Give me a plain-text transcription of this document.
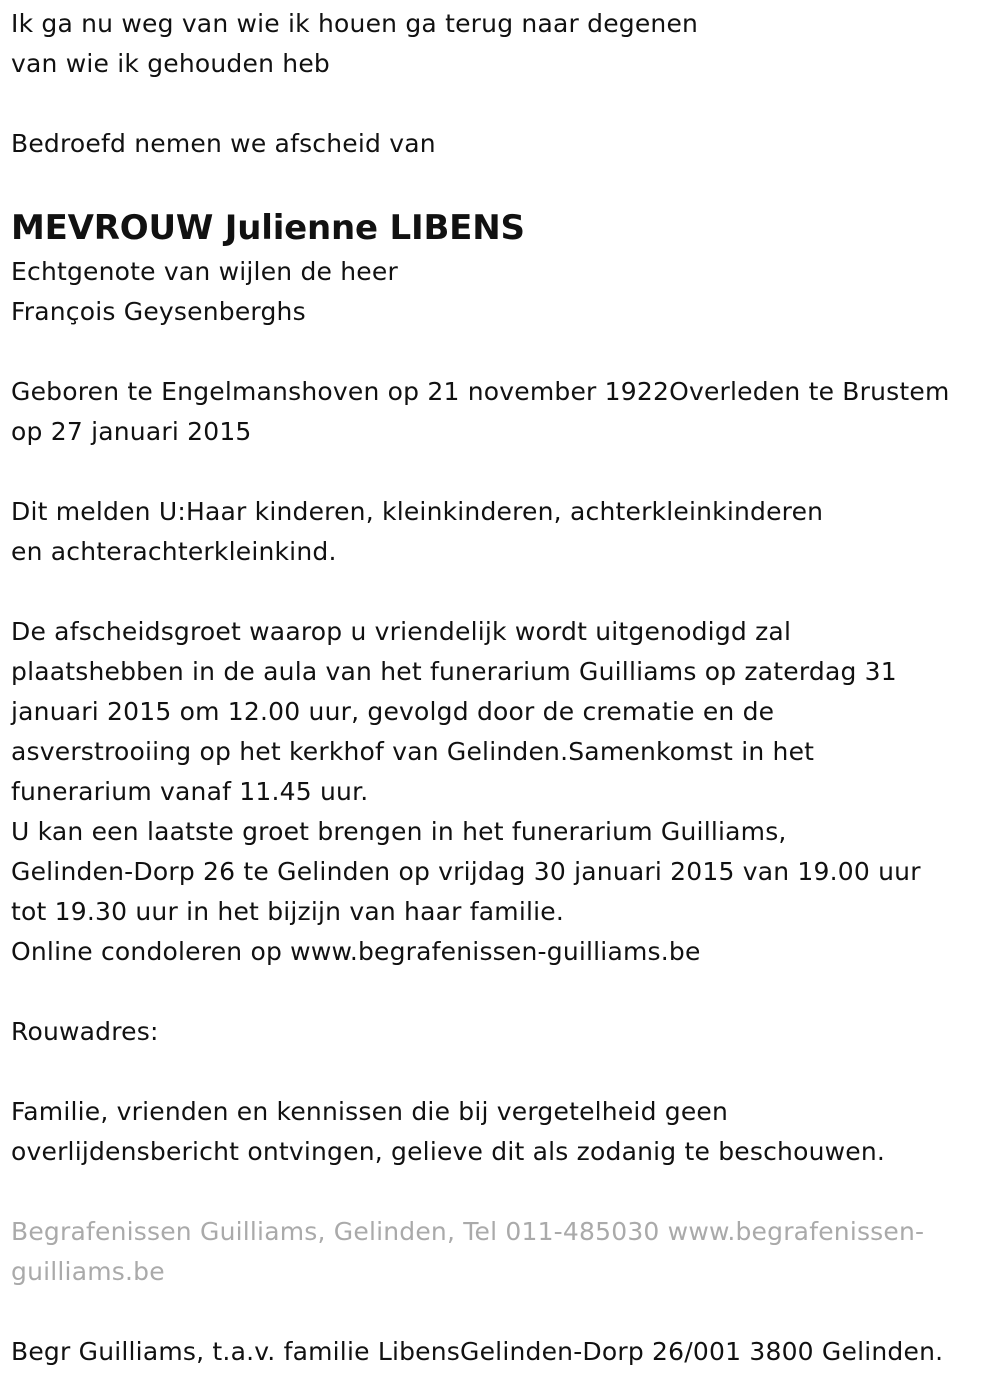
Ik ga nu weg van wie ik houen ga terug naar degenen
van wie ik gehouden heb
Bedroefd nemen we afscheid van
MEVROUW Julienne LIBENS
Echtgenote van wijlen de heer
François Geysenberghs
Geboren te Engelmanshoven op 21 november 1922Overleden te Brustem
op 27 januari 2015
Dit melden U:Haar kinderen, kleinkinderen, achterkleinkinderen
en achterachterkleinkind.
De afscheidsgroet waarop u vriendelijk wordt uitgenodigd zal
plaatshebben in de aula van het funerarium Guilliams op zaterdag 31
januari 2015 om 12.00 uur, gevolgd door de crematie en de
asverstrooiing op het kerkhof van Gelinden.Samenkomst in het
funerarium vanaf 11.45 uur.
U kan een laatste groet brengen in het funerarium Guilliams,
Gelinden-Dorp 26 te Gelinden op vrijdag 30 januari 2015 van 19.00 uur
tot 19.30 uur in het bijzijn van haar familie.
Online condoleren op www.begrafenissen-guilliams.be
Rouwadres:
Familie, vrienden en kennissen die bij vergetelheid geen
overlijdensbericht ontvingen, gelieve dit als zodanig te beschouwen.
Begrafenissen Guilliams, Gelinden, Tel 011-485030 www.begrafenissen-
guilliams.be
Begr Guilliams, t.a.v. familie LibensGelinden-Dorp 26/001 3800 Gelinden.
